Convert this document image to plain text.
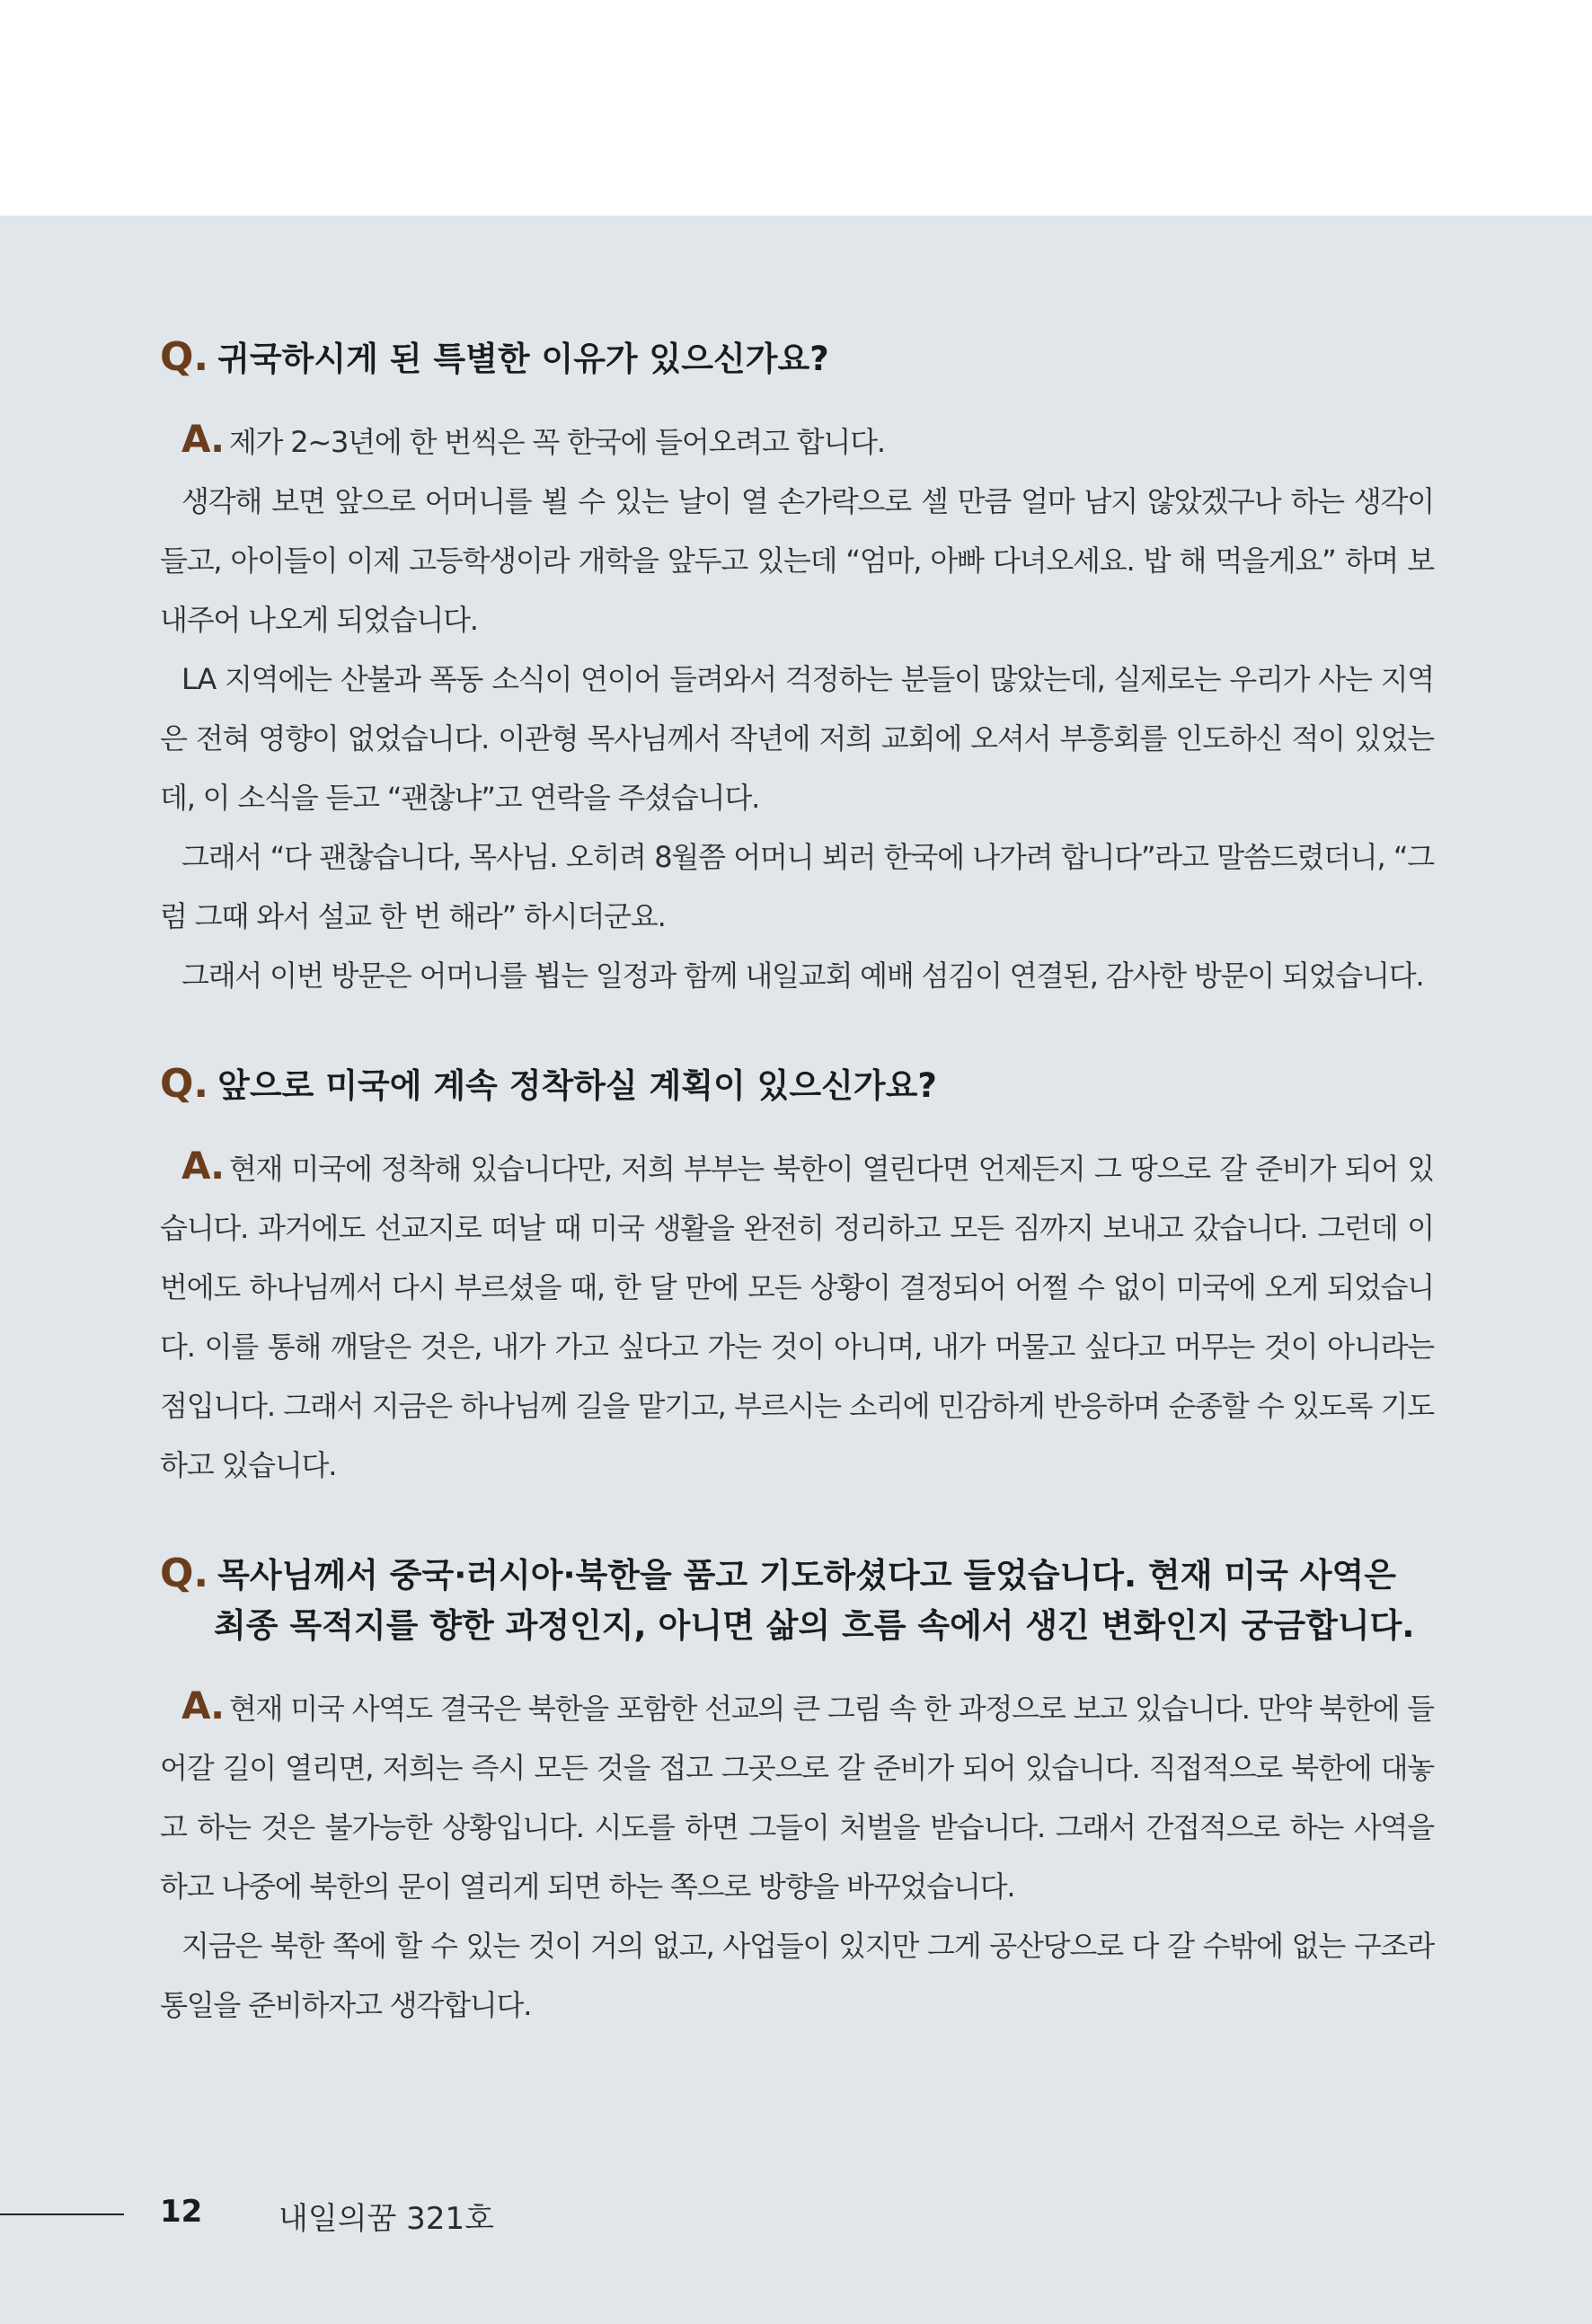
Q. 귀국하시게 된 특별한 이유가 있으신가요?

A. 제가 2~3년에 한 번씩은 꼭 한국에 들어오려고 합니다.

생각해 보면 앞으로 어머니를 뵐 수 있는 날이 열 손가락으로 셀 만큼 얼마 남지 않았겠구나 하는 생각이 들고, 아이들이 이제 고등학생이라 개학을 앞두고 있는데 “엄마, 아빠 다녀오세요. 밥 해 먹을게요” 하며 보내주어 나오게 되었습니다.

LA 지역에는 산불과 폭동 소식이 연이어 들려와서 걱정하는 분들이 많았는데, 실제로는 우리가 사는 지역은 전혀 영향이 없었습니다. 이관형 목사님께서 작년에 저희 교회에 오셔서 부흥회를 인도하신 적이 있었는데, 이 소식을 듣고 “괜찮냐”고 연락을 주셨습니다.

그래서 “다 괜찮습니다, 목사님. 오히려 8월쯤 어머니 뵈러 한국에 나가려 합니다”라고 말씀드렸더니, “그럼 그때 와서 설교 한 번 해라” 하시더군요.

그래서 이번 방문은 어머니를 뵙는 일정과 함께 내일교회 예배 섬김이 연결된, 감사한 방문이 되었습니다.

Q. 앞으로 미국에 계속 정착하실 계획이 있으신가요?

A. 현재 미국에 정착해 있습니다만, 저희 부부는 북한이 열린다면 언제든지 그 땅으로 갈 준비가 되어 있습니다. 과거에도 선교지로 떠날 때 미국 생활을 완전히 정리하고 모든 짐까지 보내고 갔습니다. 그런데 이번에도 하나님께서 다시 부르셨을 때, 한 달 만에 모든 상황이 결정되어 어쩔 수 없이 미국에 오게 되었습니다. 이를 통해 깨달은 것은, 내가 가고 싶다고 가는 것이 아니며, 내가 머물고 싶다고 머무는 것이 아니라는 점입니다. 그래서 지금은 하나님께 길을 맡기고, 부르시는 소리에 민감하게 반응하며 순종할 수 있도록 기도하고 있습니다.

Q. 목사님께서 중국·러시아·북한을 품고 기도하셨다고 들었습니다. 현재 미국 사역은 최종 목적지를 향한 과정인지, 아니면 삶의 흐름 속에서 생긴 변화인지 궁금합니다.

A. 현재 미국 사역도 결국은 북한을 포함한 선교의 큰 그림 속 한 과정으로 보고 있습니다. 만약 북한에 들어갈 길이 열리면, 저희는 즉시 모든 것을 접고 그곳으로 갈 준비가 되어 있습니다. 직접적으로 북한에 대놓고 하는 것은 불가능한 상황입니다. 시도를 하면 그들이 처벌을 받습니다. 그래서 간접적으로 하는 사역을 하고 나중에 북한의 문이 열리게 되면 하는 쪽으로 방향을 바꾸었습니다.

지금은 북한 쪽에 할 수 있는 것이 거의 없고, 사업들이 있지만 그게 공산당으로 다 갈 수밖에 없는 구조라 통일을 준비하자고 생각합니다.

12 내일의꿈 321호
